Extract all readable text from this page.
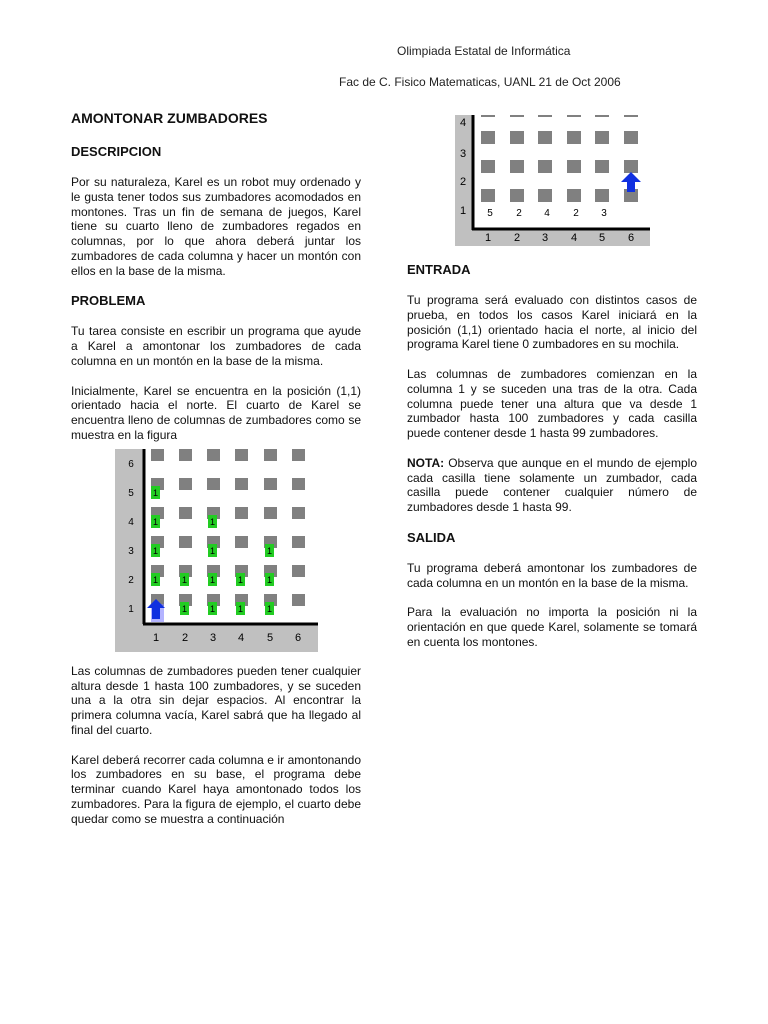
Olimpiada Estatal de Informática
Fac de C. Fisico Matematicas, UANL 21 de Oct 2006
AMONTONAR ZUMBADORES
DESCRIPCION

Por su naturaleza, Karel es un robot muy ordenado y le gusta tener todos sus zumbadores acomodados en montones. Tras un fin de semana de juegos, Karel tiene su cuarto lleno de zumbadores regados en columnas, por lo que ahora deberá juntar los zumbadores de cada columna y hacer un montón con ellos en la base de la misma.

PROBLEMA

Tu tarea consiste en escribir un programa que ayude a Karel a amontonar los zumbadores de cada columna en un montón en la base de la misma.

Inicialmente, Karel se encuentra en la posición (1,1) orientado hacia el norte. El cuarto de Karel se encuentra lleno de columnas de zumbadores como se muestra en la figura

1
1
1
1
1
1
1
1
1
1
1
1
1
1
1
1
2
3
4
5
6
1 2 3 4 5 6

Las columnas de zumbadores pueden tener cualquier altura desde 1 hasta 100 zumbadores, y se suceden una a la otra sin dejar espacios. Al encontrar la primera columna vacía, Karel sabrá que ha llegado al final del cuarto.

Karel deberá recorrer cada columna e ir amontonando los zumbadores en su base, el programa debe terminar cuando Karel haya amontonado todos los zumbadores. Para la figura de ejemplo, el cuarto debe quedar como se muestra a continuación

1
2
3
4
1 2 3 4 5 6
5 2 4 2 3
ENTRADA

Tu programa será evaluado con distintos casos de prueba, en todos los casos Karel iniciará en la posición (1,1) orientado hacia el norte, al inicio del programa Karel tiene 0 zumbadores en su mochila.

Las columnas de zumbadores comienzan en la columna 1 y se suceden una tras de la otra. Cada columna puede tener una altura que va desde 1 zumbador hasta 100 zumbadores y cada casilla puede contener desde 1 hasta 99 zumbadores.

NOTA: Observa que aunque en el mundo de ejemplo cada casilla tiene solamente un zumbador, cada casilla puede contener cualquier número de zumbadores desde 1 hasta 99.

SALIDA

Tu programa deberá amontonar los zumbadores de cada columna en un montón en la base de la misma.

Para la evaluación no importa la posición ni la orientación en que quede Karel, solamente se tomará en cuenta los montones.
